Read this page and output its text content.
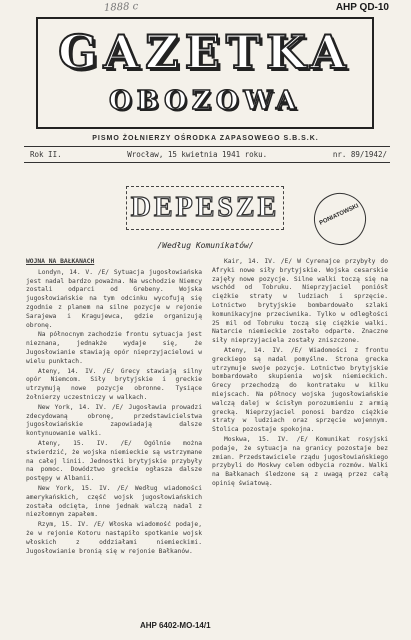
1888 c	AHP QD-10
GAZETKA
OBOZOWA
PISMO ŻOŁNIERZY OŚRODKA ZAPASOWEGO S.B.S.K.
Rok II.	Wrocław, 15 kwietnia 1941 roku.	nr. 89/1942/
DEPESZE	PONIATOWSKI
/Według Komunikatów/

WOJNA NA BAŁKANACH

Londyn, 14. V. /E/ Sytuacja jugosłowiańska jest nadal bardzo poważna. Na wschodzie Niemcy zostali odparci od Grebeny. Wojska jugosłowiańskie na tym odcinku wycofują się zgodnie z planem na silne pozycje w rejonie Sarajewa i Kragujewca, gdzie organizują obronę.

Na północnym zachodzie frontu sytuacja jest nieznana, jednakże wydaje się, że Jugosłowianie stawiają opór nieprzyjacielowi w wielu punktach.

Ateny, 14. IV. /E/ Grecy stawiają silny opór Niemcom. Siły brytyjskie i greckie utrzymują nowe pozycje obronne. Tysiące żołnierzy uczestniczy w walkach.

New York, 14. IV. /E/ Jugosławia prowadzi zdecydowaną obronę, przedstawicielstwa jugosłowiańskie zapowiadają dalsze kontynuowanie walki.

Ateny, 15. IV. /E/ Ogólnie można stwierdzić, że wojska niemieckie są wstrzymane na całej linii. Jednostki brytyjskie przybyły na pomoc. Dowództwo greckie ogłasza dalsze postępy w Albanii.

New York, 15. IV. /E/ Według wiadomości amerykańskich, część wojsk jugosłowiańskich została odcięta, inne jednak walczą nadal z niezłomnym zapałem.

Rzym, 15. IV. /E/ Włoska wiadomość podaje, że w rejonie Kotoru nastąpiło spotkanie wojsk włoskich z oddziałami niemieckimi. Jugosłowianie bronią się w rejonie Bałkanów.

Kair, 14. IV. /E/ W Cyrenajce przybyły do Afryki nowe siły brytyjskie. Wojska cesarskie zajęły nowe pozycje. Silne walki toczą się na wschód od Tobruku. Nieprzyjaciel poniósł ciężkie straty w ludziach i sprzęcie. Lotnictwo brytyjskie bombardowało szlaki komunikacyjne przeciwnika. Tylko w odległości 25 mil od Tobruku toczą się ciężkie walki. Natarcie niemieckie zostało odparte. Znaczne siły nieprzyjaciela zostały zniszczone.

Ateny, 14. IV. /E/ Wiadomości z frontu greckiego są nadal pomyślne. Strona grecka utrzymuje swoje pozycje. Lotnictwo brytyjskie bombardowało skupienia wojsk niemieckich. Grecy przechodzą do kontrataku w kilku miejscach. Na północy wojska jugosłowiańskie walczą dalej w ścisłym porozumieniu z armią grecką. Nieprzyjaciel ponosi bardzo ciężkie straty w ludziach oraz sprzęcie wojennym. Stolica pozostaje spokojna.

Moskwa, 15. IV. /E/ Komunikat rosyjski podaje, że sytuacja na granicy pozostaje bez zmian. Przedstawiciele rządu jugosłowiańskiego przybyli do Moskwy celem odbycia rozmów. Walki na Bałkanach śledzone są z uwagą przez całą opinię światową.

AHP 6402-MO-14/1
